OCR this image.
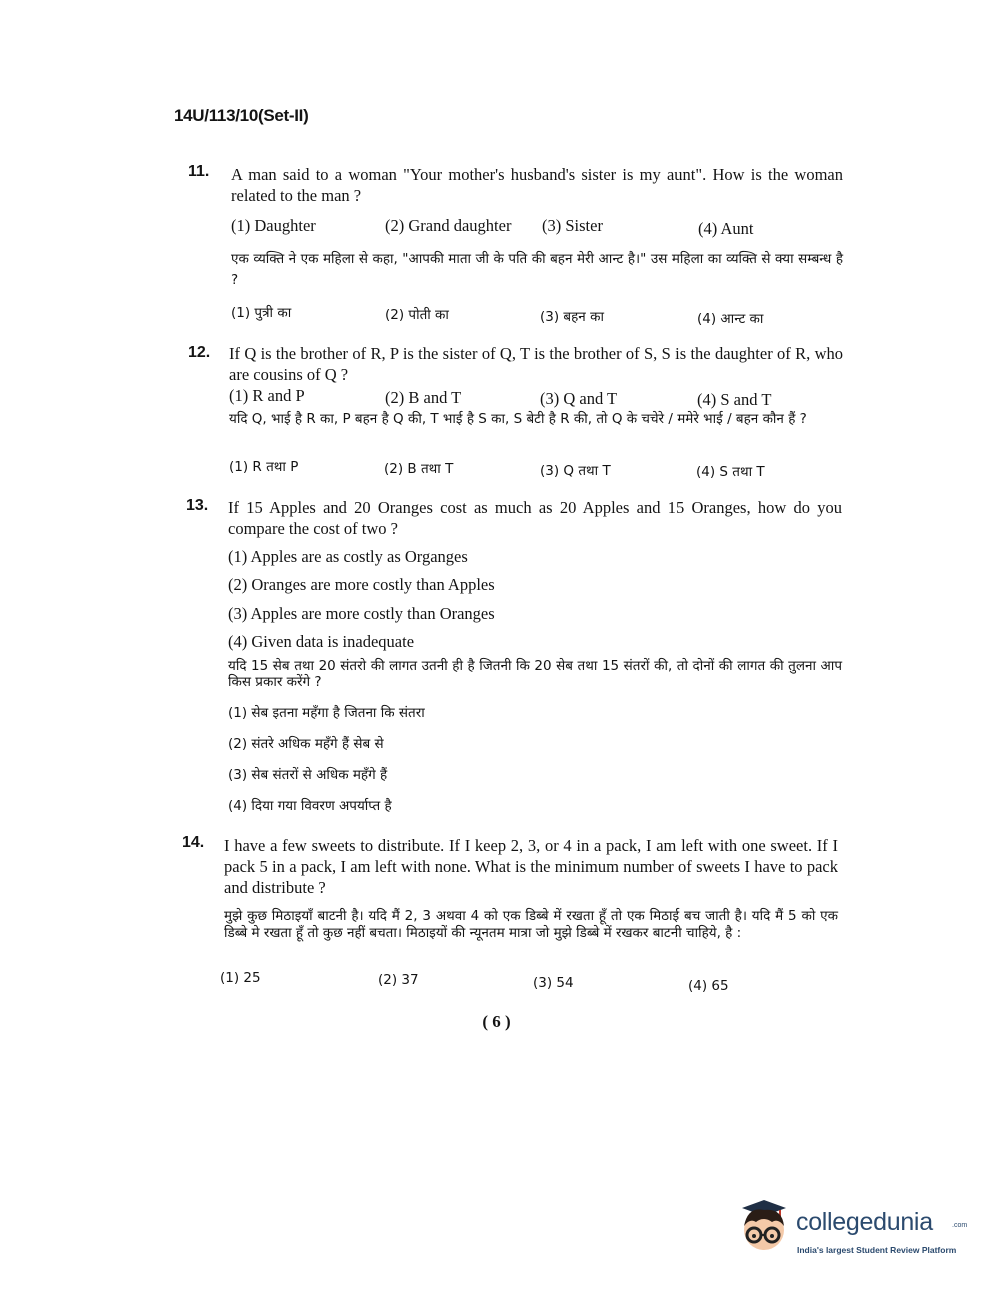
14U/113/10(Set-II)
11. A man said to a woman "Your mother's husband's sister is my aunt". How is the woman related to the man ?
(1) Daughter	(2) Grand daughter (3) Sister	(4) Aunt
एक व्यक्ति ने एक महिला से कहा, "आपकी माता जी के पति की बहन मेरी आन्ट है।" उस महिला का व्यक्ति से क्या सम्बन्ध है ?
(1) पुत्री का	(2) पोती का	(3) बहन का	(4) आन्ट का
12. If Q is the brother of R, P is the sister of Q, T is the brother of S, S is the daughter of R, who are cousins of Q ?
(1) R and P	(2) B and T	(3) Q and T	(4) S and T
यदि Q, भाई है R का, P बहन है Q की, T भाई है S का, S बेटी है R की, तो Q के चचेरे / ममेरे भाई / बहन कौन हैं ?
(1) R तथा P	(2) B तथा T	(3) Q तथा T	(4) S तथा T
13. If 15 Apples and 20 Oranges cost as much as 20 Apples and 15 Oranges, how do you compare the cost of two ?
(1) Apples are as costly as Organges
(2) Oranges are more costly than Apples
(3) Apples are more costly than Oranges
(4) Given data is inadequate
यदि 15 सेब तथा 20 संतरो की लागत उतनी ही है जितनी कि 20 सेब तथा 15 संतरों की, तो दोनों की लागत की तुलना आप किस प्रकार करेंगे ?
(1) सेब इतना महँगा है जितना कि संतरा
(2) संतरे अधिक महँगे हैं सेब से
(3) सेब संतरों से अधिक महँगे हैं
(4) दिया गया विवरण अपर्याप्त है
14. I have a few sweets to distribute. If I keep 2, 3, or 4 in a pack, I am left with one sweet. If I pack 5 in a pack, I am left with none. What is the minimum number of sweets I have to pack and distribute ?
मुझे कुछ मिठाइयाँ बाटनी है। यदि मैं 2, 3 अथवा 4 को एक डिब्बे में रखता हूँ तो एक मिठाई बच जाती है। यदि मैं 5 को एक डिब्बे मे रखता हूँ तो कुछ नहीं बचता। मिठाइयों की न्यूनतम मात्रा जो मुझे डिब्बे में रखकर बाटनी चाहिये, है :
(1) 25	(2) 37	(3) 54	(4) 65
( 6 )
collegedunia	.com
India's largest Student Review Platform
